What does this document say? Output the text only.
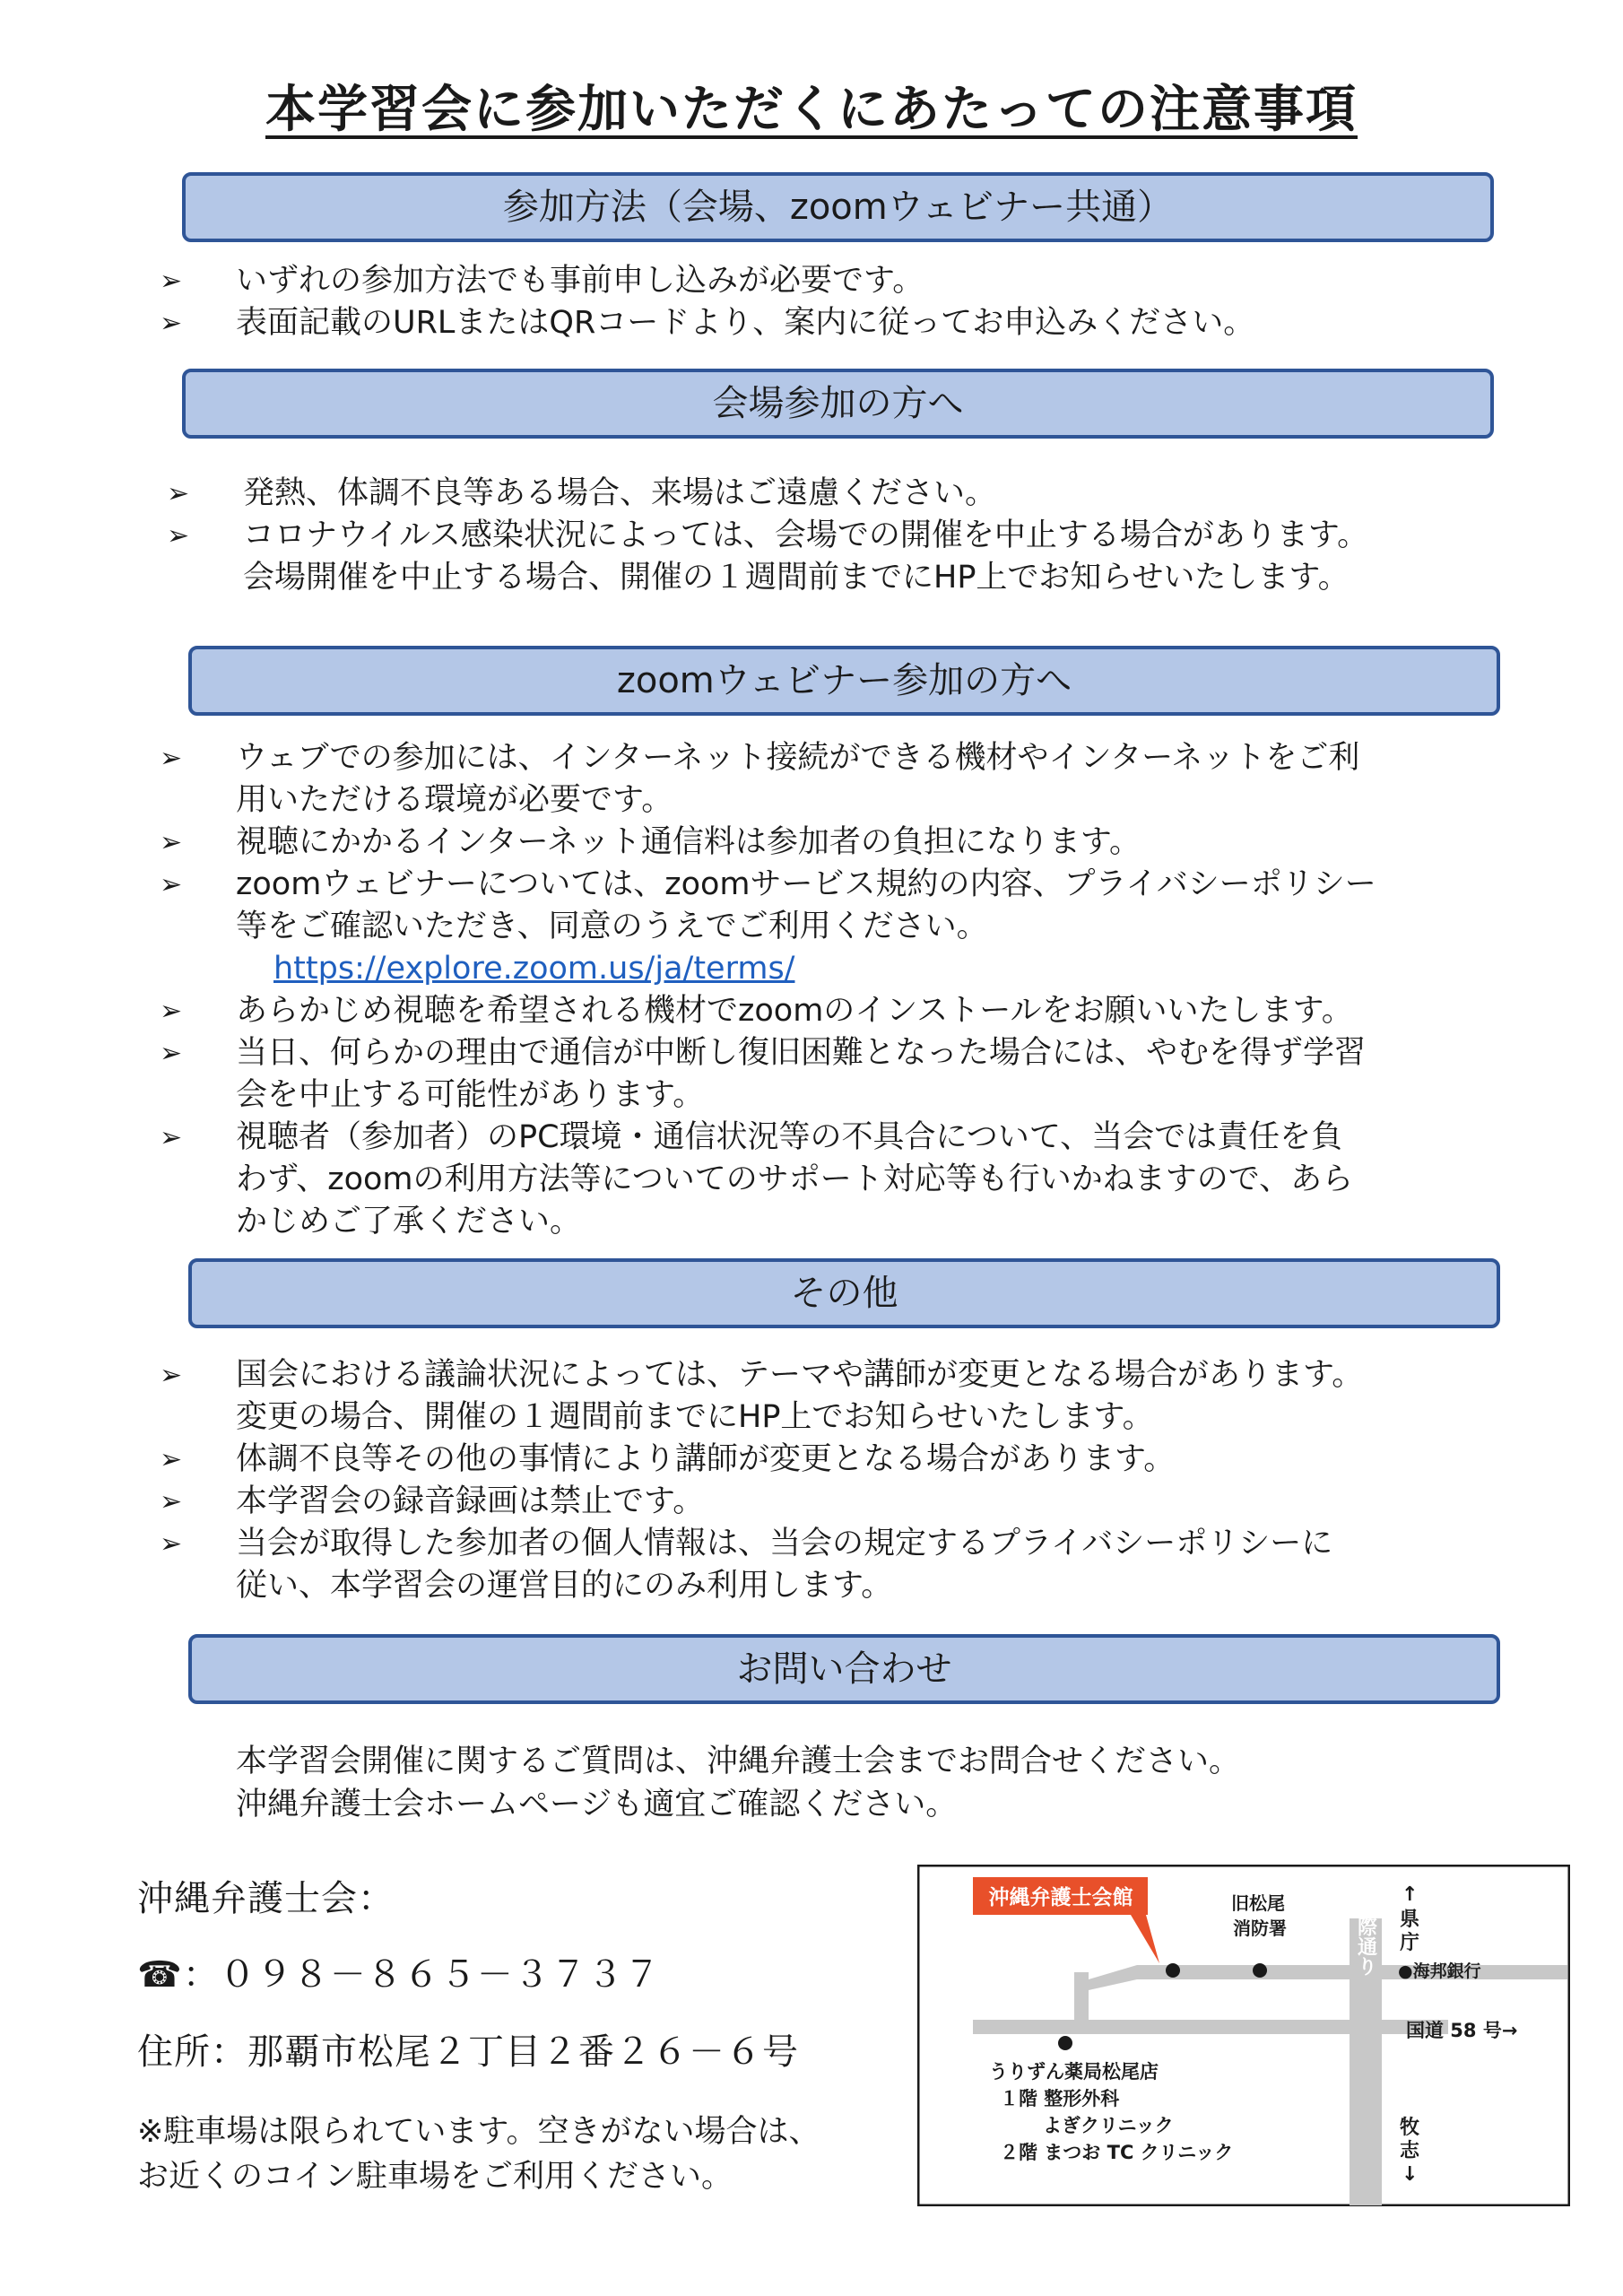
本学習会に参加いただくにあたっての注意事項
参加方法（会場、zoomウェビナー共通）
➢ いずれの参加方法でも事前申し込みが必要です。
➢ 表面記載のURLまたはQRコードより、案内に従ってお申込みください。
会場参加の方へ
➢ 発熱、体調不良等ある場合、来場はご遠慮ください。
➢ コロナウイルス感染状況によっては、会場での開催を中止する場合があります。
会場開催を中止する場合、開催の１週間前までにHP上でお知らせいたします。
zoomウェビナー参加の方へ
➢ ウェブでの参加には、インターネット接続ができる機材やインターネットをご利
用いただける環境が必要です。
➢ 視聴にかかるインターネット通信料は参加者の負担になります。
➢ zoomウェビナーについては、zoomサービス規約の内容、プライバシーポリシー
等をご確認いただき、同意のうえでご利用ください。
https://explore.zoom.us/ja/terms/
➢ あらかじめ視聴を希望される機材でzoomのインストールをお願いいたします。
➢ 当日、何らかの理由で通信が中断し復旧困難となった場合には、やむを得ず学習
会を中止する可能性があります。
➢ 視聴者（参加者）のPC環境・通信状況等の不具合について、当会では責任を負
わず、zoomの利用方法等についてのサポート対応等も行いかねますので、あら
かじめご了承ください。
その他
➢ 国会における議論状況によっては、テーマや講師が変更となる場合があります。
変更の場合、開催の１週間前までにHP上でお知らせいたします。
➢ 体調不良等その他の事情により講師が変更となる場合があります。
➢ 本学習会の録音録画は禁止です。
➢ 当会が取得した参加者の個人情報は、当会の規定するプライバシーポリシーに
従い、本学習会の運営目的にのみ利用します。
お問い合わせ
本学習会開催に関するご質問は、沖縄弁護士会までお問合せください。
沖縄弁護士会ホームページも適宜ご確認ください。
沖縄弁護士会：
☎：０９８－８６５－３７３７
住所：那覇市松尾２丁目２番２６－６号
※駐車場は限られています。空きがない場合は、
お近くのコイン駐車場をご利用ください。
沖縄弁護士会館	旧松尾
消防署
↑
県
庁
●海邦銀行
国際通り
国道 58 号→
うりずん薬局松尾店
１階 整形外科
よぎクリニック
２階 まつお TC クリニック
牧
志
↓
